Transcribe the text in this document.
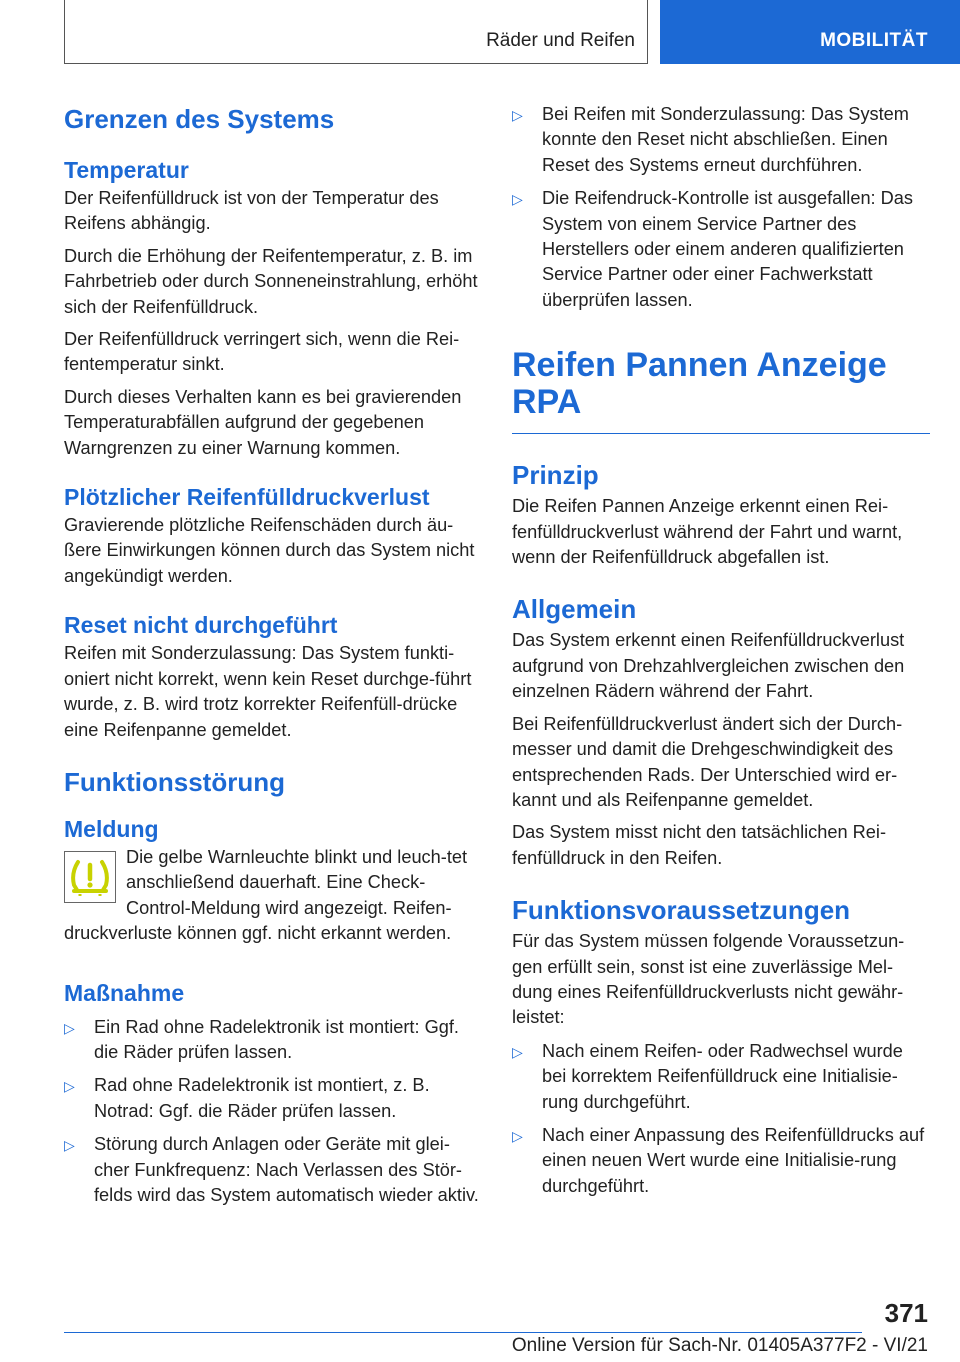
Räder und Reifen	MOBILITÄT
Grenzen des Systems
Temperatur

Der Reifenfülldruck ist von der Temperatur des Reifens abhängig.

Durch die Erhöhung der Reifentemperatur, z. B. im Fahrbetrieb oder durch Sonneneinstrahlung, erhöht sich der Reifenfülldruck.

Der Reifenfülldruck verringert sich, wenn die Rei-fentemperatur sinkt.

Durch dieses Verhalten kann es bei gravierenden Temperaturabfällen aufgrund der gegebenen Warngrenzen zu einer Warnung kommen.

Plötzlicher Reifenfülldruckverlust

Gravierende plötzliche Reifenschäden durch äu-ßere Einwirkungen können durch das System nicht angekündigt werden.

Reset nicht durchgeführt

Reifen mit Sonderzulassung: Das System funkti-oniert nicht korrekt, wenn kein Reset durchge-führt wurde, z. B. wird trotz korrekter Reifenfüll-drücke eine Reifenpanne gemeldet.

Funktionsstörung
Meldung

Die gelbe Warnleuchte blinkt und leuch-tet anschließend dauerhaft. Eine Check-Control-Meldung wird angezeigt. Reifen-druckverluste können ggf. nicht erkannt werden.

Maßnahme
▷ Ein Rad ohne Radelektronik ist montiert: Ggf. die Räder prüfen lassen.
▷ Rad ohne Radelektronik ist montiert, z. B. Notrad: Ggf. die Räder prüfen lassen.
▷ Störung durch Anlagen oder Geräte mit glei-cher Funkfrequenz: Nach Verlassen des Stör-felds wird das System automatisch wieder aktiv.
▷ Bei Reifen mit Sonderzulassung: Das System konnte den Reset nicht abschließen. Einen Reset des Systems erneut durchführen.
▷ Die Reifendruck-Kontrolle ist ausgefallen: Das System von einem Service Partner des Herstellers oder einem anderen qualifizierten Service Partner oder einer Fachwerkstatt überprüfen lassen.
Reifen Pannen Anzeige
RPA
Prinzip

Die Reifen Pannen Anzeige erkennt einen Rei-fenfülldruckverlust während der Fahrt und warnt, wenn der Reifenfülldruck abgefallen ist.

Allgemein

Das System erkennt einen Reifenfülldruckverlust aufgrund von Drehzahlvergleichen zwischen den einzelnen Rädern während der Fahrt.

Bei Reifenfülldruckverlust ändert sich der Durch-messer und damit die Drehgeschwindigkeit des entsprechenden Rads. Der Unterschied wird er-kannt und als Reifenpanne gemeldet.

Das System misst nicht den tatsächlichen Rei-fenfülldruck in den Reifen.

Funktionsvoraussetzungen

Für das System müssen folgende Voraussetzun-gen erfüllt sein, sonst ist eine zuverlässige Mel-dung eines Reifenfülldruckverlusts nicht gewähr-leistet:

▷ Nach einem Reifen- oder Radwechsel wurde bei korrektem Reifenfülldruck eine Initialisie-rung durchgeführt.
▷ Nach einer Anpassung des Reifenfülldrucks auf einen neuen Wert wurde eine Initialisie-rung durchgeführt.
371
Online Version für Sach-Nr. 01405A377F2 - VI/21
